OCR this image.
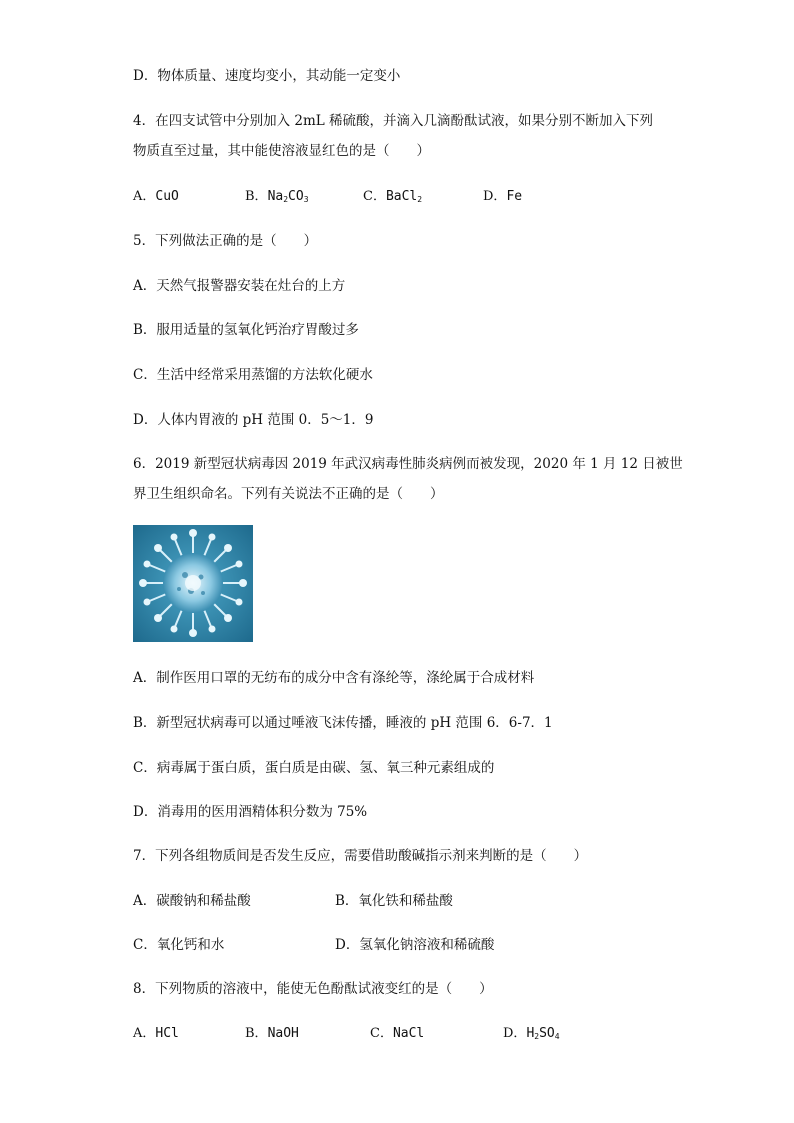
D．物体质量、速度均变小，其动能一定变小
4．在四支试管中分别加入 2mL 稀硫酸，并滴入几滴酚酞试液，如果分别不断加入下列
物质直至过量，其中能使溶液显红色的是（　　）
A．CuO	B．$Na_2CO_3$	C．BaCl$_2$	D．Fe
5．下列做法正确的是（　　）
A．天然气报警器安装在灶台的上方
B．服用适量的氢氧化钙治疗胃酸过多
C．生活中经常采用蒸馏的方法软化硬水
D．人体内胃液的 pH 范围 0．5～1．9
6．2019 新型冠状病毒因 2019 年武汉病毒性肺炎病例而被发现，2020 年 1 月 12 日被世
界卫生组织命名。下列有关说法不正确的是（　　）
A．制作医用口罩的无纺布的成分中含有涤纶等，涤纶属于合成材料
B．新型冠状病毒可以通过唾液飞沫传播，睡液的 pH 范围 6．6-7．1
C．病毒属于蛋白质，蛋白质是由碳、氢、氧三种元素组成的
D．消毒用的医用酒精体积分数为 75%
7．下列各组物质间是否发生反应，需要借助酸碱指示剂来判断的是（　　）
A．碳酸钠和稀盐酸	B．氧化铁和稀盐酸
C．氧化钙和水	D．氢氧化钠溶液和稀硫酸
8．下列物质的溶液中，能使无色酚酞试液变红的是（　　）
A．HCl	B．NaOH	C．NaCl	D．$H_2SO_4$
